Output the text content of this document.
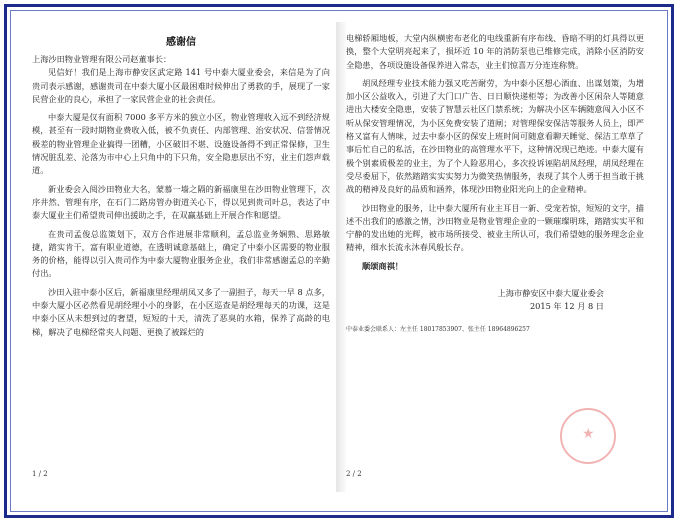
感谢信
上海沙田物业管理有限公司赵董事长：

见信好！我们是上海市静安区武定路 141 号中泰大厦业委会，来信是为了向贵司表示感谢，感谢贵司在中泰大厦小区最困难时候伸出了勇救的手，展现了一家民营企业的良心，承担了一家民营企业的社会责任。

中泰大厦是仅有面积 7000 多平方米的独立小区，物业管理收入远不到经济规模，甚至有一段时期物业费收入低，被不负责任、内部管理、治安状况、信誉情况极差的物业管理企业搞得一团糟，小区破旧不堪、设施设备得不到正常保修，卫生情况脏乱差、沦落为市中心上只角中的下只角，安全隐患层出不穷，业主们怨声载道。

新业委会入阅沙田物业大名，蒙慕一墙之隔的新福康里在沙田物业管理下，次序井然、管理有序，在石门二路房管办街道关心下，得以见到贵司叶总，表达了中泰大厦业主们希望贵司伸出援助之手，在双赢基础上开展合作和愿望。

在贵司孟俊总监策划下，双方合作进展非常顺利，孟总监业务娴熟、思路敏捷，踏实肯干，富有职业道德，在透明诚意基础上，确定了中泰小区需要的物业服务的价格，能得以引入贵司作为中泰大厦物业服务企业，我们非常感谢孟总的辛勤付出。

沙田入驻中泰小区后，新福康里经理胡凤又多了一副担子，每天一早 8 点多，中泰大厦小区必然看见胡经理小小的身影，在小区巡查是胡经理每天的功课，这是中泰小区从未想到过的奢望，短短的十天，清洗了恶臭的水箱，保养了高龄的电梯，解决了电梯经常夹人问题、更换了被踩烂的

1 / 2

电梯轿厢地板，大堂内纵横密布老化的电线重新有序布线、昏暗不明的灯具得以更换，整个大堂明亮起来了，损坏近 10 年的消防泵也已维修完成，消除小区消防安全隐患，各项设施设备保养进入常态，业主们惊喜万分连连称赞。

胡凤经理专业技术能力强又吃苦耐劳，为中泰小区想心酒血、出谋划策，为增加小区公益收入，引进了大门口广告、日日顺快递柜等；为改善小区闲杂人等随意进出大楼安全隐患，安装了智慧云社区门禁系统；为解决小区车辆随意闯入小区不听从保安管理情况，为小区免费安装了道闸；对管理保安保洁等服务人员上，即严格又富有人情味，过去中泰小区的保安上班时间可随意看聊天睡觉、保洁工草草了事后忙自己的私活，在沙田物业的高管理水平下，这种情况现已绝迹。中泰大厦有极个别素质极差的业主，为了个人险恶用心，多次投诉诬陷胡凤经理，胡凤经理在受尽委屈下，依然踏踏实实实努力为微笑热情服务，表现了其个人勇于担当敢于挑战的精神及良好的品质和涵养，体现沙田物业阳光向上的企业精神。

沙田物业的服务，让中泰大厦所有业主耳目一新、受宠若惊，短短的文字，描述不出我们的感激之情，沙田物业是物业管理企业的一颗璀璨明珠，踏踏实实平和宁静的发出她的光辉，被市场所接受、被业主所认可，我们希望她的服务理念企业精神，细水长流永沐春风般长存。

顺颂商祺！

上海市静安区中泰大厦业委会
2015 年 12 月 8 日
中泰业委会联系人：左主任 18017853907、张主任 18964896257
★
2 / 2
